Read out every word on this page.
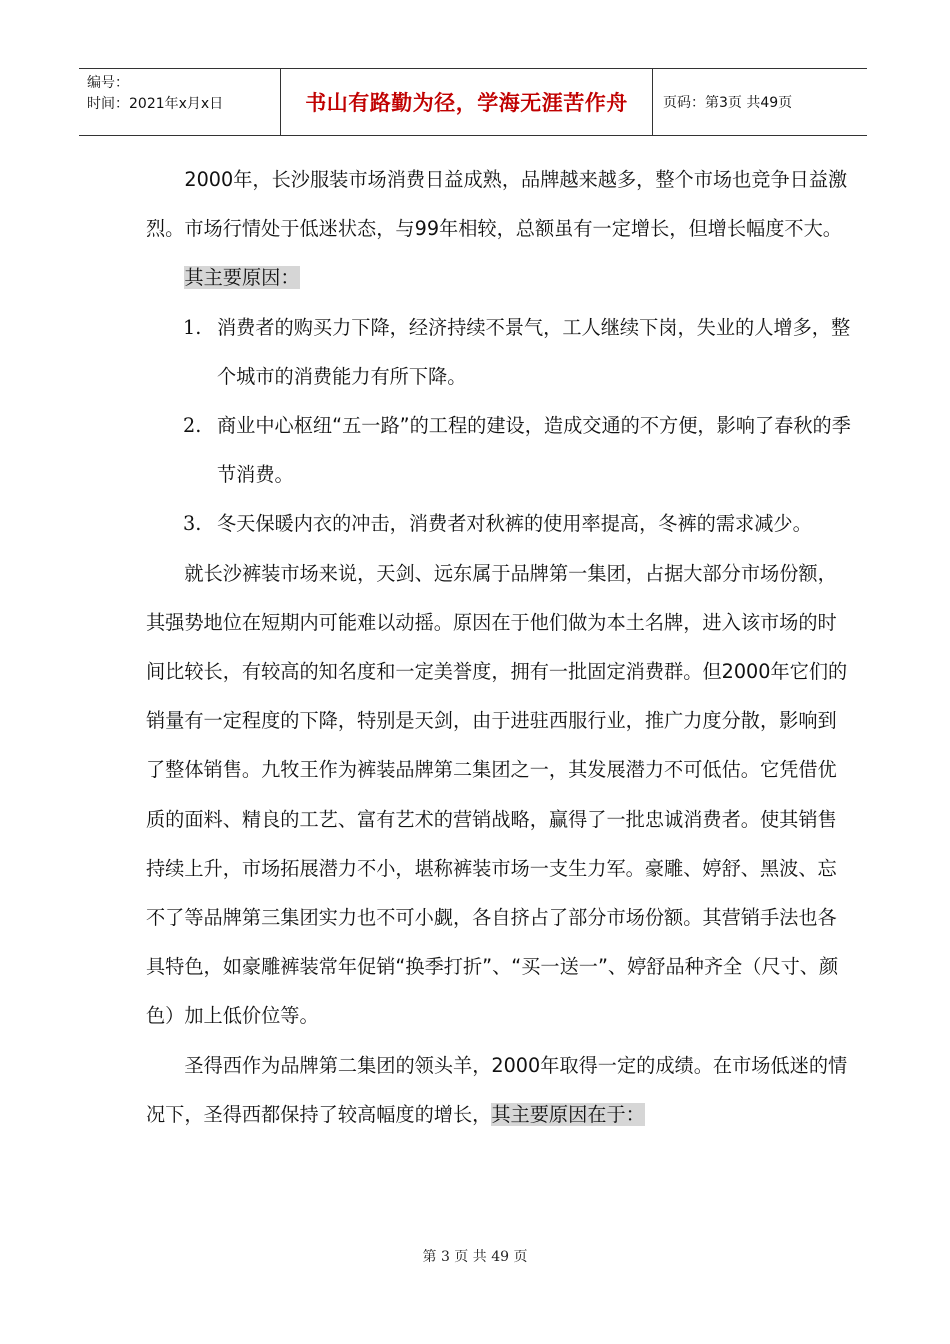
编号：
时间：2021年x月x日	书山有路勤为径，学海无涯苦作舟	页码：第3页 共49页

2000年，长沙服装市场消费日益成熟，品牌越来越多，整个市场也竞争日益激烈。市场行情处于低迷状态，与99年相较，总额虽有一定增长，但增长幅度不大。

其主要原因：

1. 消费者的购买力下降，经济持续不景气，工人继续下岗，失业的人增多，整个城市的消费能力有所下降。
2. 商业中心枢纽“五一路”的工程的建设，造成交通的不方便，影响了春秋的季节消费。
3. 冬天保暖内衣的冲击，消费者对秋裤的使用率提高，冬裤的需求减少。

就长沙裤装市场来说，天剑、远东属于品牌第一集团，占据大部分市场份额，其强势地位在短期内可能难以动摇。原因在于他们做为本土名牌，进入该市场的时间比较长，有较高的知名度和一定美誉度，拥有一批固定消费群。但2000年它们的销量有一定程度的下降，特别是天剑，由于进驻西服行业，推广力度分散，影响到了整体销售。九牧王作为裤装品牌第二集团之一，其发展潜力不可低估。它凭借优质的面料、精良的工艺、富有艺术的营销战略，赢得了一批忠诚消费者。使其销售持续上升，市场拓展潜力不小，堪称裤装市场一支生力军。豪雕、婷舒、黑波、忘不了等品牌第三集团实力也不可小觑，各自挤占了部分市场份额。其营销手法也各具特色，如豪雕裤装常年促销“换季打折”、“买一送一”、婷舒品种齐全（尺寸、颜色）加上低价位等。

圣得西作为品牌第二集团的领头羊，2000年取得一定的成绩。在市场低迷的情况下，圣得西都保持了较高幅度的增长，其主要原因在于：

第 3 页 共 49 页
